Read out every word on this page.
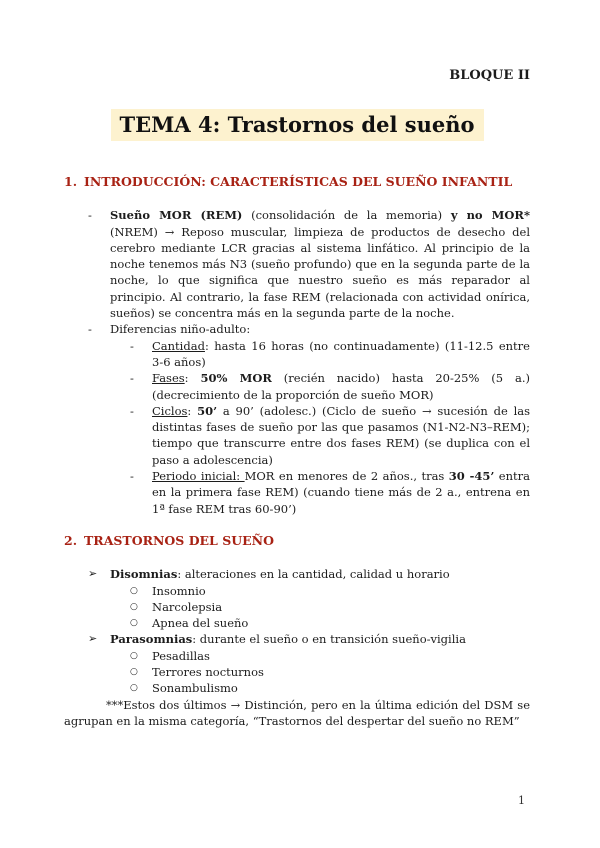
BLOQUE II
TEMA 4: Trastornos del sueño
1. INTRODUCCIÓN: CARACTERÍSTICAS DEL SUEÑO INFANTIL
-	Sueño MOR (REM) (consolidación de la memoria) y no MOR* (NREM) → Reposo muscular, limpieza de productos de desecho del cerebro mediante LCR gracias al sistema linfático. Al principio de la noche tenemos más N3 (sueño profundo) que en la segunda parte de la noche, lo que significa que nuestro sueño es más reparador al principio. Al contrario, la fase REM (relacionada con actividad onírica, sueños) se concentra más en la segunda parte de la noche.
-	Diferencias niño-adulto:
-	Cantidad: hasta 16 horas (no continuadamente) (11-12.5 entre 3-6 años)
-	Fases: 50% MOR (recién nacido) hasta 20-25% (5 a.) (decrecimiento de la proporción de sueño MOR)
-	Ciclos: 50’ a 90’ (adolesc.) (Ciclo de sueño → sucesión de las distintas fases de sueño por las que pasamos (N1-N2-N3–REM); tiempo que transcurre entre dos fases REM) (se duplica con el paso a adolescencia)
-	Periodo inicial: MOR en menores de 2 años., tras 30 -45’ entra en la primera fase REM) (cuando tiene más de 2 a., entrena en 1ª fase REM tras 60-90’)
2. TRASTORNOS DEL SUEÑO
➢	Disomnias: alteraciones en la cantidad, calidad u horario
○	Insomnio
○	Narcolepsia
○	Apnea del sueño
➢	Parasomnias: durante el sueño o en transición sueño-vigilia
○	Pesadillas
○	Terrores nocturnos
○	Sonambulismo
***Estos dos últimos → Distinción, pero en la última edición del DSM se agrupan en la misma categoría, “Trastornos del despertar del sueño no REM”
1
